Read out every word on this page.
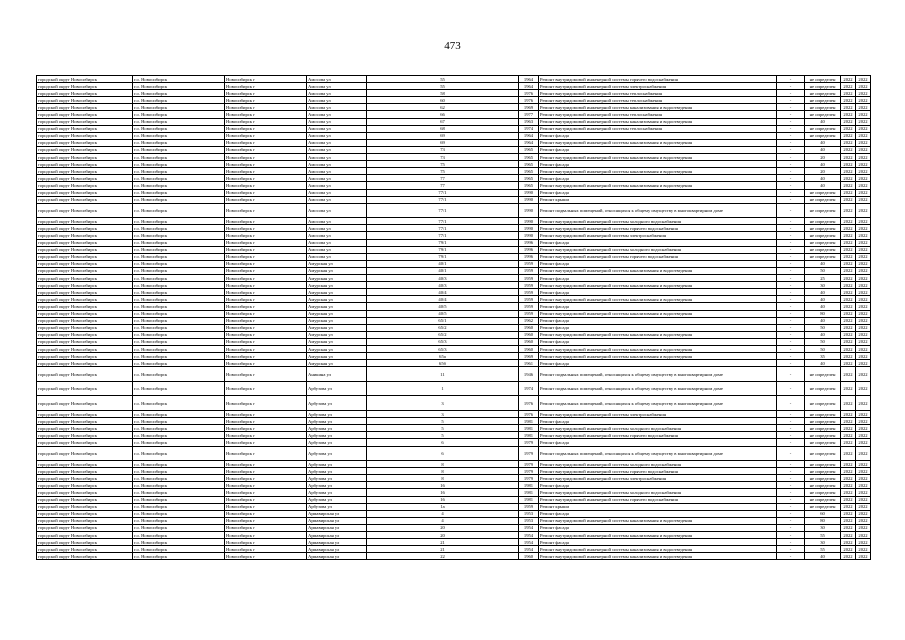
473
городской округ Новосибирск	г.о. Новосибирск	Новосибирск г	Амосова ул	55	1964	Ремонт внутридомовой инженерной системы горячего водоснабжения	-	не определен	2022	2022
городской округ Новосибирск	г.о. Новосибирск	Новосибирск г	Амосова ул	55	1964	Ремонт внутридомовой инженерной системы электроснабжения	-	не определен	2022	2022
городской округ Новосибирск	г.о. Новосибирск	Новосибирск г	Амосова ул	58	1976	Ремонт внутридомовой инженерной системы теплоснабжения	-	не определен	2022	2022
городской округ Новосибирск	г.о. Новосибирск	Новосибирск г	Амосова ул	60	1976	Ремонт внутридомовой инженерной системы теплоснабжения	-	не определен	2022	2022
городской округ Новосибирск	г.о. Новосибирск	Новосибирск г	Амосова ул	62	1969	Ремонт внутридомовой инженерной системы канализования и водоотведения	-	не определен	2022	2022
городской округ Новосибирск	г.о. Новосибирск	Новосибирск г	Амосова ул	66	1977	Ремонт внутридомовой инженерной системы теплоснабжения	-	не определен	2022	2022
городской округ Новосибирск	г.о. Новосибирск	Новосибирск г	Амосова ул	67	1963	Ремонт внутридомовой инженерной системы канализования и водоотведения	-	40	2022	2022
городской округ Новосибирск	г.о. Новосибирск	Новосибирск г	Амосова ул	68	1974	Ремонт внутридомовой инженерной системы теплоснабжения	-	не определен	2022	2022
городской округ Новосибирск	г.о. Новосибирск	Новосибирск г	Амосова ул	69	1964	Ремонт фасада	-	не определен	2022	2022
городской округ Новосибирск	г.о. Новосибирск	Новосибирск г	Амосова ул	69	1964	Ремонт внутридомовой инженерной системы канализования и водоотведения	-	40	2022	2022
городской округ Новосибирск	г.о. Новосибирск	Новосибирск г	Амосова ул	73	1965	Ремонт фасада	-	40	2022	2022
городской округ Новосибирск	г.о. Новосибирск	Новосибирск г	Амосова ул	73	1965	Ремонт внутридомовой инженерной системы канализования и водоотведения	-	20	2022	2022
городской округ Новосибирск	г.о. Новосибирск	Новосибирск г	Амосова ул	75	1965	Ремонт фасада	-	40	2022	2022
городской округ Новосибирск	г.о. Новосибирск	Новосибирск г	Амосова ул	75	1965	Ремонт внутридомовой инженерной системы канализования и водоотведения	-	20	2022	2022
городской округ Новосибирск	г.о. Новосибирск	Новосибирск г	Амосова ул	77	1965	Ремонт фасада	-	40	2022	2022
городской округ Новосибирск	г.о. Новосибирск	Новосибирск г	Амосова ул	77	1965	Ремонт внутридомовой инженерной системы канализования и водоотведения	-	40	2022	2022
городской округ Новосибирск	г.о. Новосибирск	Новосибирск г	Амосова ул	77/1	1990	Ремонт фасада	-	не определен	2022	2022
городской округ Новосибирск	г.о. Новосибирск	Новосибирск г	Амосова ул	77/1	1990	Ремонт крыши	-	не определен	2022	2022
городской округ Новосибирск	г.о. Новосибирск	Новосибирск г	Амосова ул	77/1	1990	Ремонт подвальных помещений, относящихся к общему имуществу в многоквартирном доме	-	не определен	2022	2022
городской округ Новосибирск	г.о. Новосибирск	Новосибирск г	Амосова ул	77/1	1990	Ремонт внутридомовой инженерной системы холодного водоснабжения	-	не определен	2022	2022
городской округ Новосибирск	г.о. Новосибирск	Новосибирск г	Амосова ул	77/1	1990	Ремонт внутридомовой инженерной системы горячего водоснабжения	-	не определен	2022	2022
городской округ Новосибирск	г.о. Новосибирск	Новосибирск г	Амосова ул	77/1	1990	Ремонт внутридомовой инженерной системы электроснабжения	-	не определен	2022	2022
городской округ Новосибирск	г.о. Новосибирск	Новосибирск г	Амосова ул	79/1	1996	Ремонт фасада	-	не определен	2022	2022
городской округ Новосибирск	г.о. Новосибирск	Новосибирск г	Амосова ул	79/1	1996	Ремонт внутридомовой инженерной системы холодного водоснабжения	-	не определен	2022	2022
городской округ Новосибирск	г.о. Новосибирск	Новосибирск г	Амосова ул	79/1	1996	Ремонт внутридомовой инженерной системы горячего водоснабжения	-	не определен	2022	2022
городской округ Новосибирск	г.о. Новосибирск	Новосибирск г	Амурская ул	40/1	1959	Ремонт фасада	-	40	2022	2022
городской округ Новосибирск	г.о. Новосибирск	Новосибирск г	Амурская ул	40/1	1959	Ремонт внутридомовой инженерной системы канализования и водоотведения	-	50	2022	2022
городской округ Новосибирск	г.о. Новосибирск	Новосибирск г	Амурская ул	40/3	1959	Ремонт фасада	-	25	2022	2022
городской округ Новосибирск	г.о. Новосибирск	Новосибирск г	Амурская ул	40/3	1959	Ремонт внутридомовой инженерной системы канализования и водоотведения	-	30	2022	2022
городской округ Новосибирск	г.о. Новосибирск	Новосибирск г	Амурская ул	40/4	1959	Ремонт фасада	-	40	2022	2022
городской округ Новосибирск	г.о. Новосибирск	Новосибирск г	Амурская ул	40/4	1959	Ремонт внутридомовой инженерной системы канализования и водоотведения	-	40	2022	2022
городской округ Новосибирск	г.о. Новосибирск	Новосибирск г	Амурская ул	40/5	1959	Ремонт фасада	-	40	2022	2022
городской округ Новосибирск	г.о. Новосибирск	Новосибирск г	Амурская ул	40/5	1959	Ремонт внутридомовой инженерной системы канализования и водоотведения	-	80	2022	2022
городской округ Новосибирск	г.о. Новосибирск	Новосибирск г	Амурская ул	65/1	1962	Ремонт фасада	-	40	2022	2022
городской округ Новосибирск	г.о. Новосибирск	Новосибирск г	Амурская ул	65/2	1960	Ремонт фасада	-	50	2022	2022
городской округ Новосибирск	г.о. Новосибирск	Новосибирск г	Амурская ул	65/2	1960	Ремонт внутридомовой инженерной системы канализования и водоотведения	-	40	2022	2022
городской округ Новосибирск	г.о. Новосибирск	Новосибирск г	Амурская ул	65/3	1960	Ремонт фасада	-	50	2022	2022
городской округ Новосибирск	г.о. Новосибирск	Новосибирск г	Амурская ул	65/3	1960	Ремонт внутридомовой инженерной системы канализования и водоотведения	-	50	2022	2022
городской округ Новосибирск	г.о. Новосибирск	Новосибирск г	Амурская ул	65а	1969	Ремонт внутридомовой инженерной системы канализования и водоотведения	-	35	2022	2022
городской округ Новосибирск	г.о. Новосибирск	Новосибирск г	Амурская ул	65б	1961	Ремонт фасада	-	40	2022	2022
городской округ Новосибирск	г.о. Новосибирск	Новосибирск г	Аникина ул	11	1946	Ремонт подвальных помещений, относящихся к общему имуществу в многоквартирном доме	-	не определен	2022	2022
городской округ Новосибирск	г.о. Новосибирск	Новосибирск г	Арбузова ул	1	1974	Ремонт подвальных помещений, относящихся к общему имуществу в многоквартирном доме	-	не определен	2022	2022
городской округ Новосибирск	г.о. Новосибирск	Новосибирск г	Арбузова ул	3	1976	Ремонт подвальных помещений, относящихся к общему имуществу в многоквартирном доме	-	не определен	2022	2022
городской округ Новосибирск	г.о. Новосибирск	Новосибирск г	Арбузова ул	3	1976	Ремонт внутридомовой инженерной системы электроснабжения	-	не определен	2022	2022
городской округ Новосибирск	г.о. Новосибирск	Новосибирск г	Арбузова ул	5	1981	Ремонт фасада	-	не определен	2022	2022
городской округ Новосибирск	г.о. Новосибирск	Новосибирск г	Арбузова ул	5	1981	Ремонт внутридомовой инженерной системы холодного водоснабжения	-	не определен	2022	2022
городской округ Новосибирск	г.о. Новосибирск	Новосибирск г	Арбузова ул	5	1981	Ремонт внутридомовой инженерной системы горячего водоснабжения	-	не определен	2022	2022
городской округ Новосибирск	г.о. Новосибирск	Новосибирск г	Арбузова ул	6	1979	Ремонт фасада	-	не определен	2022	2022
городской округ Новосибирск	г.о. Новосибирск	Новосибирск г	Арбузова ул	6	1979	Ремонт подвальных помещений, относящихся к общему имуществу в многоквартирном доме	-	не определен	2022	2022
городской округ Новосибирск	г.о. Новосибирск	Новосибирск г	Арбузова ул	8	1979	Ремонт внутридомовой инженерной системы холодного водоснабжения	-	не определен	2022	2022
городской округ Новосибирск	г.о. Новосибирск	Новосибирск г	Арбузова ул	8	1979	Ремонт внутридомовой инженерной системы горячего водоснабжения	-	не определен	2022	2022
городской округ Новосибирск	г.о. Новосибирск	Новосибирск г	Арбузова ул	8	1979	Ремонт внутридомовой инженерной системы электроснабжения	-	не определен	2022	2022
городской округ Новосибирск	г.о. Новосибирск	Новосибирск г	Арбузова ул	16	1981	Ремонт фасада	-	не определен	2022	2022
городской округ Новосибирск	г.о. Новосибирск	Новосибирск г	Арбузова ул	16	1981	Ремонт внутридомовой инженерной системы холодного водоснабжения	-	не определен	2022	2022
городской округ Новосибирск	г.о. Новосибирск	Новосибирск г	Арбузова ул	16	1981	Ремонт внутридомовой инженерной системы горячего водоснабжения	-	не определен	2022	2022
городской округ Новосибирск	г.о. Новосибирск	Новосибирск г	Арбузова ул	1а	1959	Ремонт крыши	-	не определен	2022	2022
городской округ Новосибирск	г.о. Новосибирск	Новосибирск г	Армавирская ул	4	1953	Ремонт фасада	-	60	2022	2022
городской округ Новосибирск	г.о. Новосибирск	Новосибирск г	Армавирская ул	4	1953	Ремонт внутридомовой инженерной системы канализования и водоотведения	-	80	2022	2022
городской округ Новосибирск	г.о. Новосибирск	Новосибирск г	Армавирская ул	20	1954	Ремонт фасада	-	30	2022	2022
городской округ Новосибирск	г.о. Новосибирск	Новосибирск г	Армавирская ул	20	1954	Ремонт внутридомовой инженерной системы канализования и водоотведения	-	55	2022	2022
городской округ Новосибирск	г.о. Новосибирск	Новосибирск г	Армавирская ул	21	1954	Ремонт фасада	-	30	2022	2022
городской округ Новосибирск	г.о. Новосибирск	Новосибирск г	Армавирская ул	21	1954	Ремонт внутридомовой инженерной системы канализования и водоотведения	-	55	2022	2022
городской округ Новосибирск	г.о. Новосибирск	Новосибирск г	Армавирская ул	22	1960	Ремонт внутридомовой инженерной системы канализования и водоотведения	-	40	2022	2022
